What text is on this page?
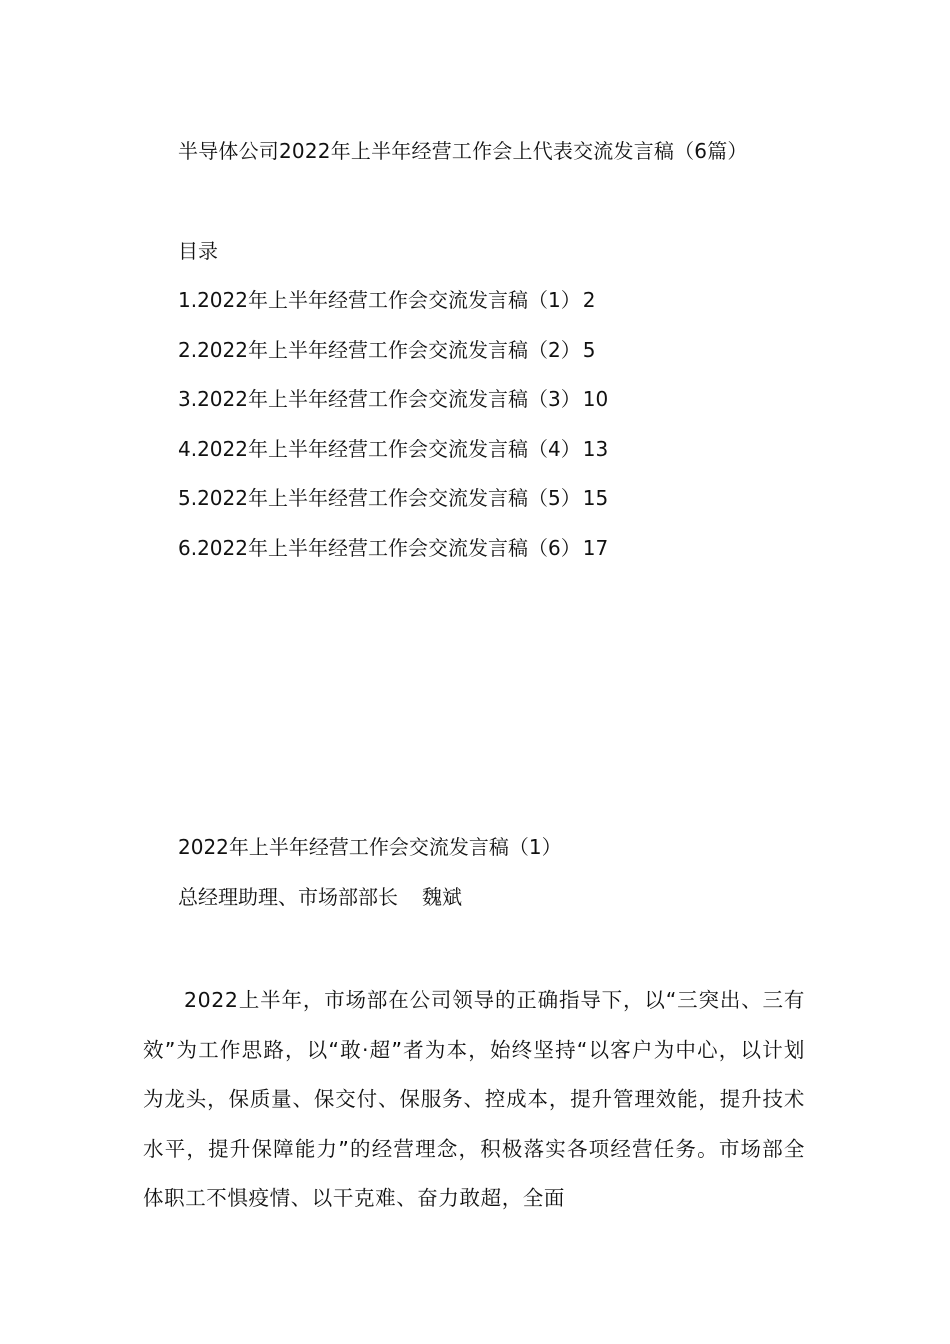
半导体公司2022年上半年经营工作会上代表交流发言稿（6篇）
目录
1.2022年上半年经营工作会交流发言稿（1） 2
2.2022年上半年经营工作会交流发言稿（2） 5
3.2022年上半年经营工作会交流发言稿（3） 10
4.2022年上半年经营工作会交流发言稿（4） 13
5.2022年上半年经营工作会交流发言稿（5） 15
6.2022年上半年经营工作会交流发言稿（6） 17
2022年上半年经营工作会交流发言稿（1）
总经理助理、市场部部长 魏斌

2022上半年，市场部在公司领导的正确指导下，以“三突出、三有效”为工作思路，以“敢·超”者为本，始终坚持“以客户为中心，以计划为龙头，保质量、保交付、保服务、控成本，提升管理效能，提升技术水平，提升保障能力”的经营理念，积极落实各项经营任务。市场部全体职工不惧疫情、以干克难、奋力敢超，全面
